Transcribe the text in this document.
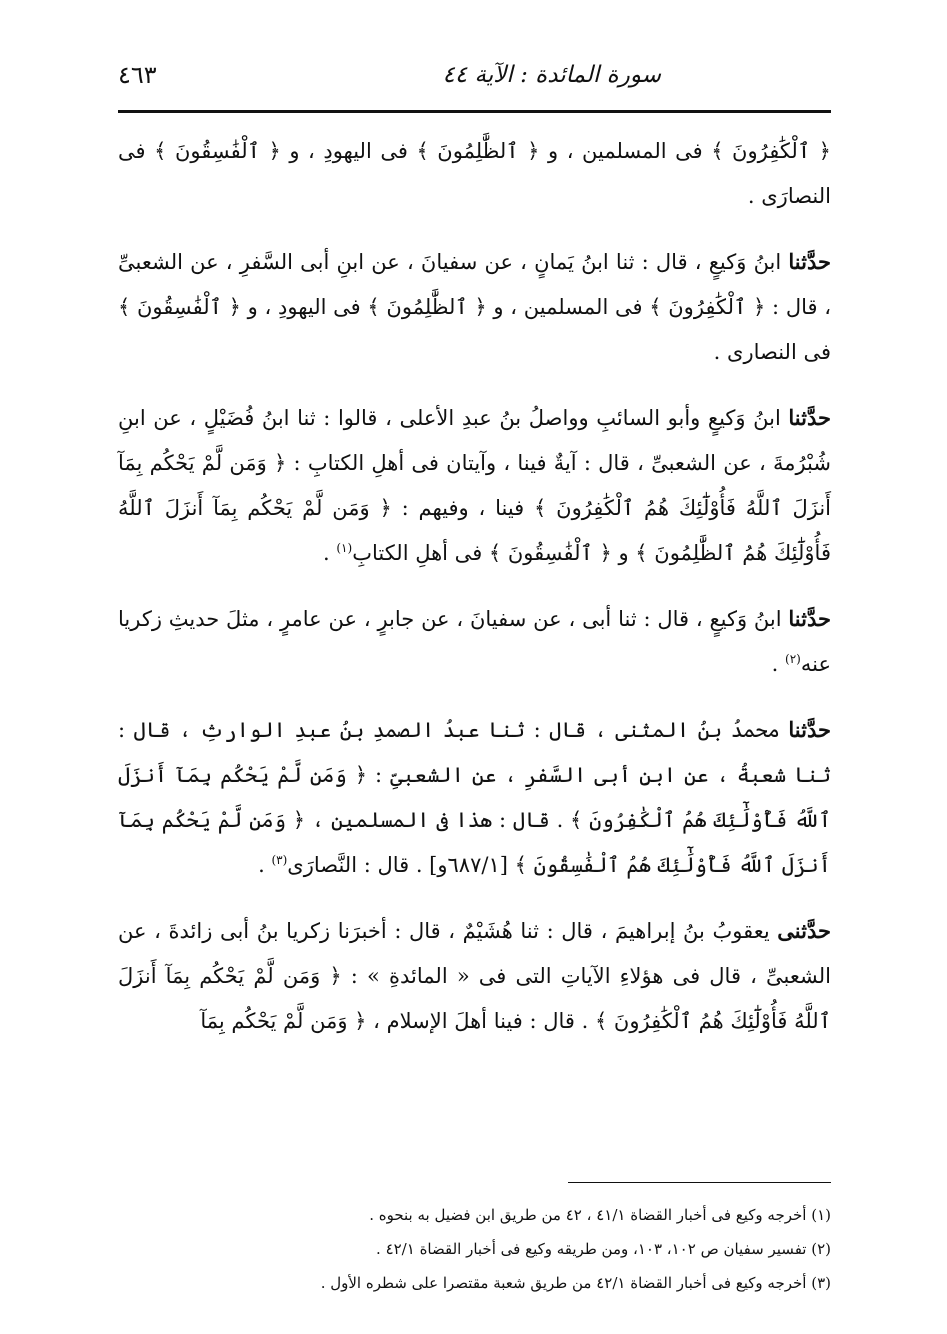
سورة المائدة : الآية ٤٤
٤٦٣

﴿ ٱلْكَٰفِرُونَ ﴾ فى المسلمين ، و ﴿ ٱلظَّٰلِمُونَ ﴾ فى اليهودِ ، و ﴿ ٱلْفَٰسِقُونَ ﴾ فى النصارَى .

حدَّثنا ابنُ وَكيعٍ ، قال : ثنا ابنُ يَمانٍ ، عن سفيانَ ، عن ابنِ أبى السَّفرِ ، عن الشعبىِّ ، قال : ﴿ ٱلْكَٰفِرُونَ ﴾ فى المسلمين ، و ﴿ ٱلظَّٰلِمُونَ ﴾ فى اليهودِ ، و ﴿ ٱلْفَٰسِقُونَ ﴾ فى النصارى .

حدَّثنا ابنُ وَكيعٍ وأبو السائبِ وواصلُ بنُ عبدِ الأعلى ، قالوا : ثنا ابنُ فُضَيْلٍ ، عن ابنِ شُبْرُمةَ ، عن الشعبىِّ ، قال : آيةٌ فينا ، وآيتان فى أهلِ الكتابِ : ﴿ وَمَن لَّمْ يَحْكُم بِمَآ أَنزَلَ ٱللَّهُ فَأُوْلَٰٓئِكَ هُمُ ٱلْكَٰفِرُونَ ﴾ فينا ، وفيهم : ﴿ وَمَن لَّمْ يَحْكُم بِمَآ أَنزَلَ ٱللَّهُ فَأُوْلَٰٓئِكَ هُمُ ٱلظَّٰلِمُونَ ﴾ و ﴿ ٱلْفَٰسِقُونَ ﴾ فى أهلِ الكتابِ$^{(١)}$ .

حدَّثنا ابنُ وَكيعٍ ، قال : ثنا أبى ، عن سفيانَ ، عن جابرٍ ، عن عامرٍ ، مثلَ حديثِ زكريا عنه$^{(٢)}$ .

حدَّثنا محمدُ بنُ المثنى ، قال : ثنا عبدُ الصمدِ بنُ عبدِ الوارثِ ، قال : ثنا شعبةُ ، عن ابنِ أبى السَّفرِ ، عن الشعبىِّ : ﴿ وَمَن لَّمْ يَحْكُم بِمَآ أَنزَلَ ٱللَّهُ فَأُوْلَٰٓئِكَ هُمُ ٱلْكَٰفِرُونَ ﴾ . قال : هذا فى المسلمين ، ﴿ وَمَن لَّمْ يَحْكُم بِمَآ أَنزَلَ ٱللَّهُ فَأُوْلَٰٓئِكَ هُمُ ٱلْفَٰسِقُونَ ﴾ [٦٨٧/١و] . قال : النَّصارَى$^{(٣)}$ .

حدَّثنى يعقوبُ بنُ إبراهيمَ ، قال : ثنا هُشَيْمٌ ، قال : أخبرَنا زكريا بنُ أبى زائدةَ ، عن الشعبىِّ ، قال فى هؤلاءِ الآياتِ التى فى « المائدةِ » : ﴿ وَمَن لَّمْ يَحْكُم بِمَآ أَنزَلَ ٱللَّهُ فَأُوْلَٰٓئِكَ هُمُ ٱلْكَٰفِرُونَ ﴾ . قال : فينا أهلَ الإسلام ، ﴿ وَمَن لَّمْ يَحْكُم بِمَآ

(١) أخرجه وكيع فى أخبار القضاة ٤١/١ ، ٤٢ من طريق ابن فضيل به بنحوه .
(٢) تفسير سفيان ص ١٠٢، ١٠٣، ومن طريقه وكيع فى أخبار القضاة ٤٢/١ .
(٣) أخرجه وكيع فى أخبار القضاة ٤٢/١ من طريق شعبة مقتصرا على شطره الأول .
